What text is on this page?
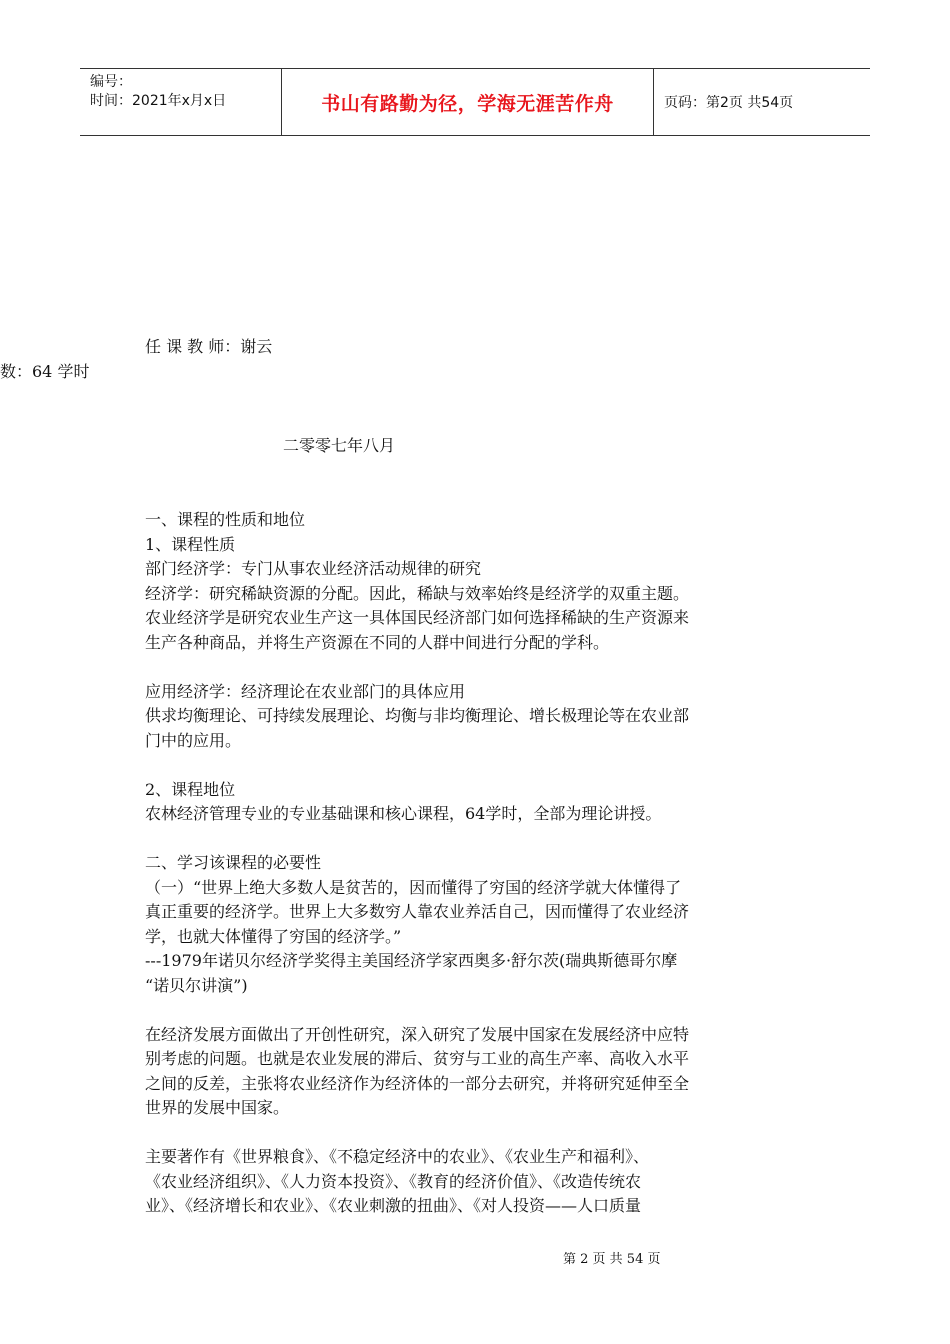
编号：
时间：2021年x月x日	书山有路勤为径，学海无涯苦作舟	页码：第2页 共54页
任 课 教 师：谢云
数：64 学时
二零零七年八月
一、课程的性质和地位
1、课程性质
部门经济学：专门从事农业经济活动规律的研究
经济学：研究稀缺资源的分配。因此，稀缺与效率始终是经济学的双重主题。
农业经济学是研究农业生产这一具体国民经济部门如何选择稀缺的生产资源来
生产各种商品，并将生产资源在不同的人群中间进行分配的学科。

应用经济学：经济理论在农业部门的具体应用
供求均衡理论、可持续发展理论、均衡与非均衡理论、增长极理论等在农业部
门中的应用。

2、课程地位
农林经济管理专业的专业基础课和核心课程，64学时，全部为理论讲授。

二、学习该课程的必要性
（一）“世界上绝大多数人是贫苦的，因而懂得了穷国的经济学就大体懂得了
真正重要的经济学。世界上大多数穷人靠农业养活自己，因而懂得了农业经济
学，也就大体懂得了穷国的经济学。”
---1979年诺贝尔经济学奖得主美国经济学家西奥多·舒尔茨(瑞典斯德哥尔摩
“诺贝尔讲演”)

在经济发展方面做出了开创性研究，深入研究了发展中国家在发展经济中应特
别考虑的问题。也就是农业发展的滞后、贫穷与工业的高生产率、高收入水平
之间的反差，主张将农业经济作为经济体的一部分去研究，并将研究延伸至全
世界的发展中国家。

主要著作有《世界粮食》、《不稳定经济中的农业》、《农业生产和福利》、
《农业经济组织》、《人力资本投资》、《教育的经济价值》、《改造传统农
业》、《经济增长和农业》、《农业刺激的扭曲》、《对人投资——人口质量
第 2 页 共 54 页
